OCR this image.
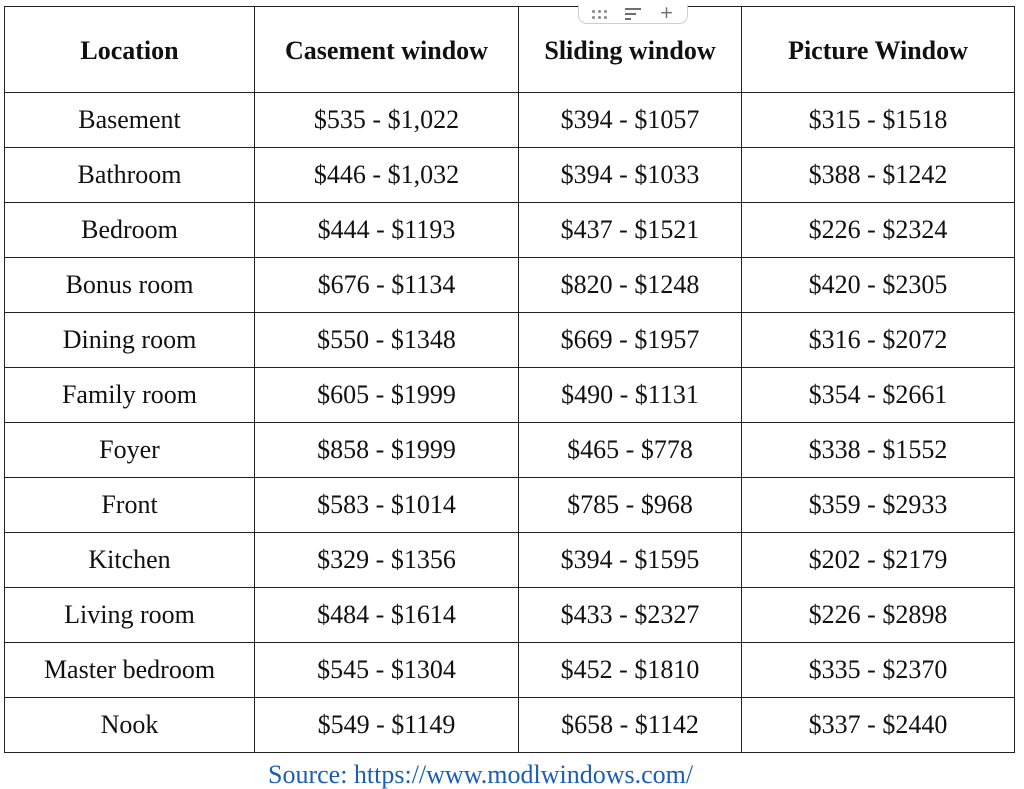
+
Location	Casement window	Sliding window	Picture Window
Basement	$535 - $1,022	$394 - $1057	$315 - $1518
Bathroom	$446 - $1,032	$394 - $1033	$388 - $1242
Bedroom	$444 - $1193	$437 - $1521	$226 - $2324
Bonus room	$676 - $1134	$820 - $1248	$420 - $2305
Dining room	$550 - $1348	$669 - $1957	$316 - $2072
Family room	$605 - $1999	$490 - $1131	$354 - $2661
Foyer	$858 - $1999	$465 - $778	$338 - $1552
Front	$583 - $1014	$785 - $968	$359 - $2933
Kitchen	$329 - $1356	$394 - $1595	$202 - $2179
Living room	$484 - $1614	$433 - $2327	$226 - $2898
Master bedroom	$545 - $1304	$452 - $1810	$335 - $2370
Nook	$549 - $1149	$658 - $1142	$337 - $2440
Source: https://www.modlwindows.com/
